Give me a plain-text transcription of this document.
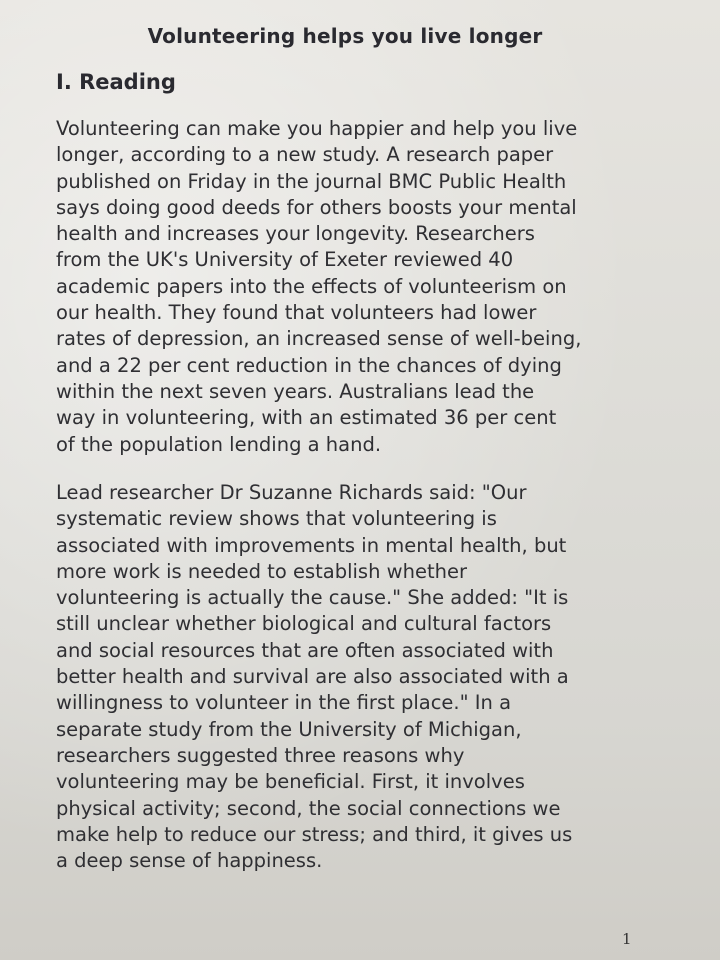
Volunteering helps you live longer
I. Reading
Volunteering can make you happier and help you live
longer, according to a new study. A research paper
published on Friday in the journal BMC Public Health
says doing good deeds for others boosts your mental
health and increases your longevity. Researchers
from the UK's University of Exeter reviewed 40
academic papers into the effects of volunteerism on
our health. They found that volunteers had lower
rates of depression, an increased sense of well-being,
and a 22 per cent reduction in the chances of dying
within the next seven years. Australians lead the
way in volunteering, with an estimated 36 per cent
of the population lending a hand.
Lead researcher Dr Suzanne Richards said: "Our
systematic review shows that volunteering is
associated with improvements in mental health, but
more work is needed to establish whether
volunteering is actually the cause." She added: "It is
still unclear whether biological and cultural factors
and social resources that are often associated with
better health and survival are also associated with a
willingness to volunteer in the first place." In a
separate study from the University of Michigan,
researchers suggested three reasons why
volunteering may be beneficial. First, it involves
physical activity; second, the social connections we
make help to reduce our stress; and third, it gives us
a deep sense of happiness.
1
